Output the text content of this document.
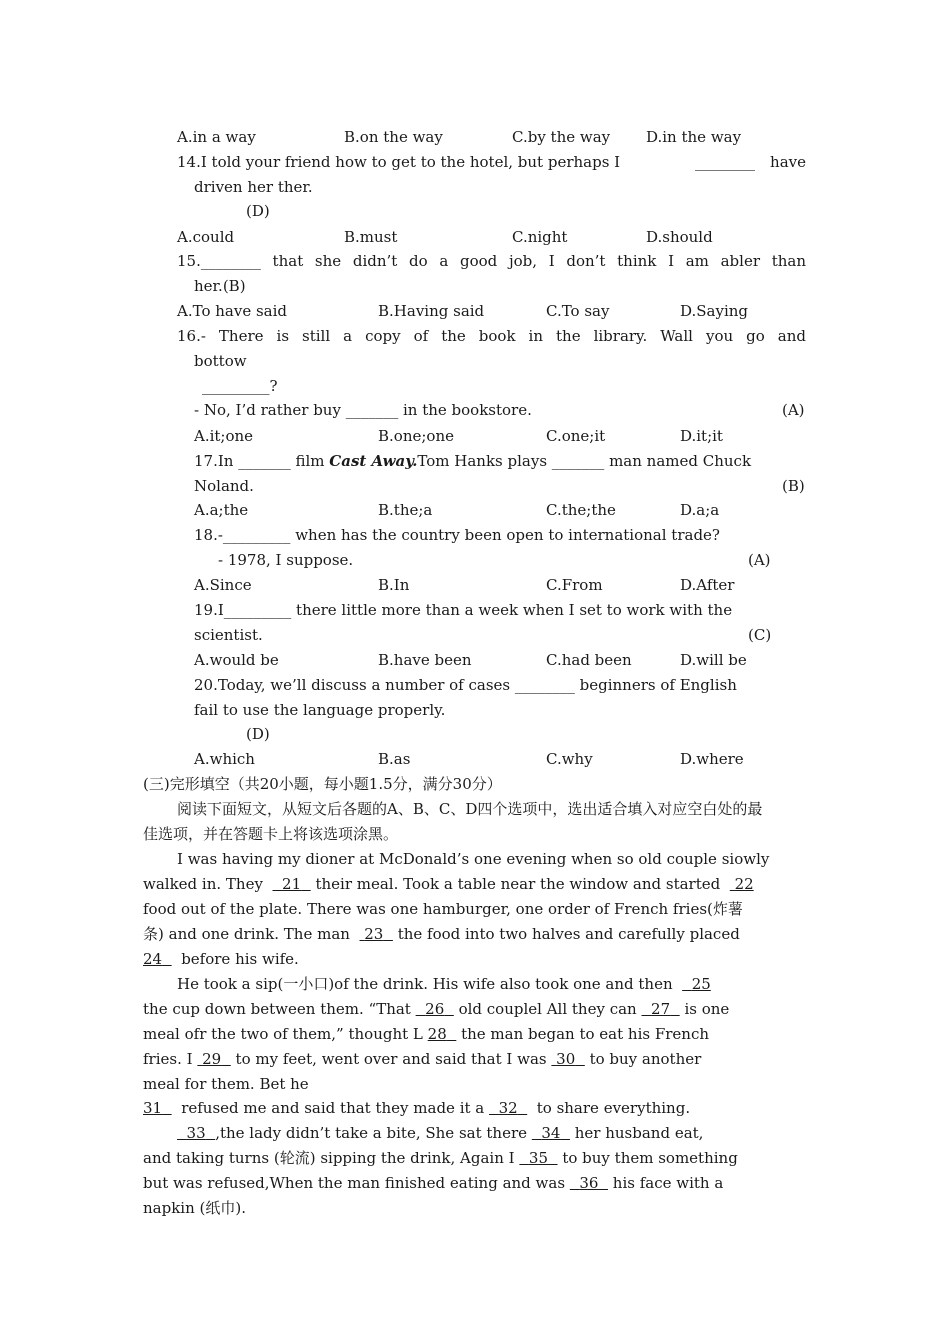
A.in a way	B.on the way	C.by the way D.in the way
14.I told your friend how to get to the hotel, but perhaps I	have
________
driven her ther.
(D)
A.could	B.must	C.night	D.should
15.________ that she didn’t do a good job, I don’t think I am abler than
her.(B)
A.To have said	B.Having said	C.To say	D.Saying
16.- There is still a copy of the book in the library. Wall you go and
bottow
_________?
- No, I’d rather buy _______ in the bookstore.	(A)
A.it;one	B.one;one	C.one;it	D.it;it
17.In _______ film Cast Away.Tom Hanks plays _______ man named Chuck
Noland.	(B)
A.a;the	B.the;a	C.the;the	D.a;a
18.-_________ when has the country been open to international trade?
- 1978, I suppose.	(A)
A.Since	B.In	C.From	D.After
19.I_________ there little more than a week when I set to work with the
scientist.	(C)
A.would be	B.have been	C.had been	D.will be
20.Today, we’ll discuss a number of cases ________ beginners of English
fail to use the language properly.
(D)
A.which	B.as	C.why	D.where
(三)完形填空（共20小题，每小题1.5分，满分30分）
阅读下面短文，从短文后各题的A、B、C、D四个选项中，选出适合填入对应空白处的最
佳选项，并在答题卡上将该选项涂黑。
I was having my dioner at McDonald’s one evening when so old couple siowly
walked in. They 21 their meal. Took a table near the window and started 22
food out of the plate. There was one hamburger, one order of French fries(炸薯
条) and one drink. The man 23 the food into two halves and carefully placed
24 before his wife.
He took a sip(一小口)of the drink. His wife also took one and then 25
the cup down between them. “That 26 old couplel All they can 27 is one
meal ofr the two of them,” thought L 28 the man began to eat his French
fries. I 29 to my feet, went over and said that I was 30 to buy another
meal for them. Bet he
31 refused me and said that they made it a 32 to share everything.
33 ,the lady didn’t take a bite, She sat there 34 her husband eat,
and taking turns (轮流) sipping the drink, Again I 35 to buy them something
but was refused,When the man finished eating and was 36 his face with a
napkin (纸巾).
